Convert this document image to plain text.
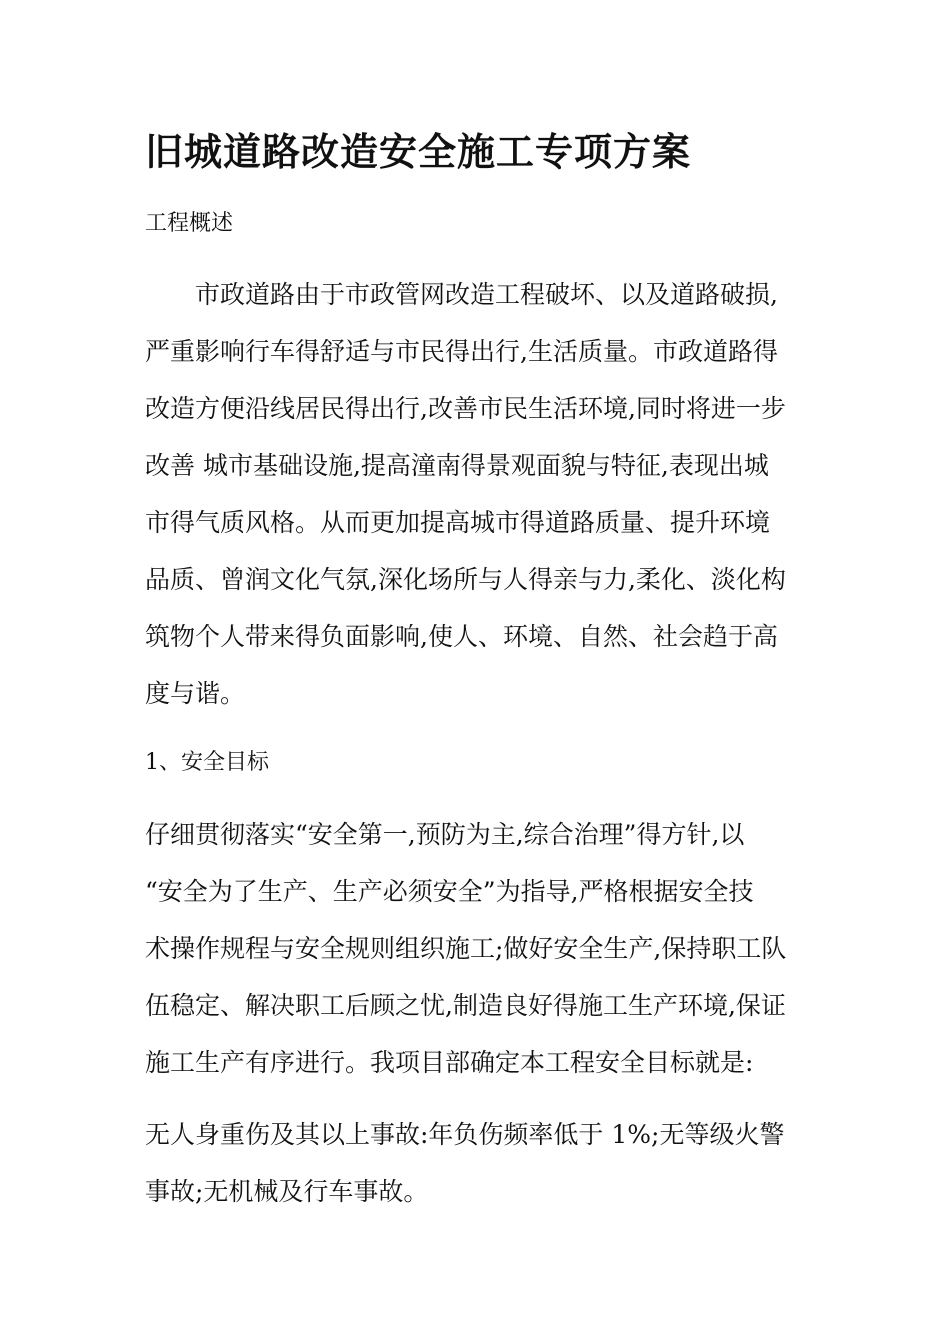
旧城道路改造安全施工专项方案
工程概述
市政道路由于市政管网改造工程破坏、以及道路破损,
严重影响行车得舒适与市民得出行,生活质量。市政道路得
改造方便沿线居民得出行,改善市民生活环境,同时将进一步
改善 城市基础设施,提高潼南得景观面貌与特征,表现出城
市得气质风格。从而更加提高城市得道路质量、提升环境
品质、曾润文化气氛,深化场所与人得亲与力,柔化、淡化构
筑物个人带来得负面影响,使人、环境、自然、社会趋于高
度与谐。
1、安全目标
仔细贯彻落实“安全第一,预防为主,综合治理”得方针,以
“安全为了生产、生产必须安全”为指导,严格根据安全技
术操作规程与安全规则组织施工;做好安全生产,保持职工队
伍稳定、解决职工后顾之忧,制造良好得施工生产环境,保证
施工生产有序进行。我项目部确定本工程安全目标就是:
无人身重伤及其以上事故:年负伤频率低于 1%;无等级火警
事故;无机械及行车事故。
